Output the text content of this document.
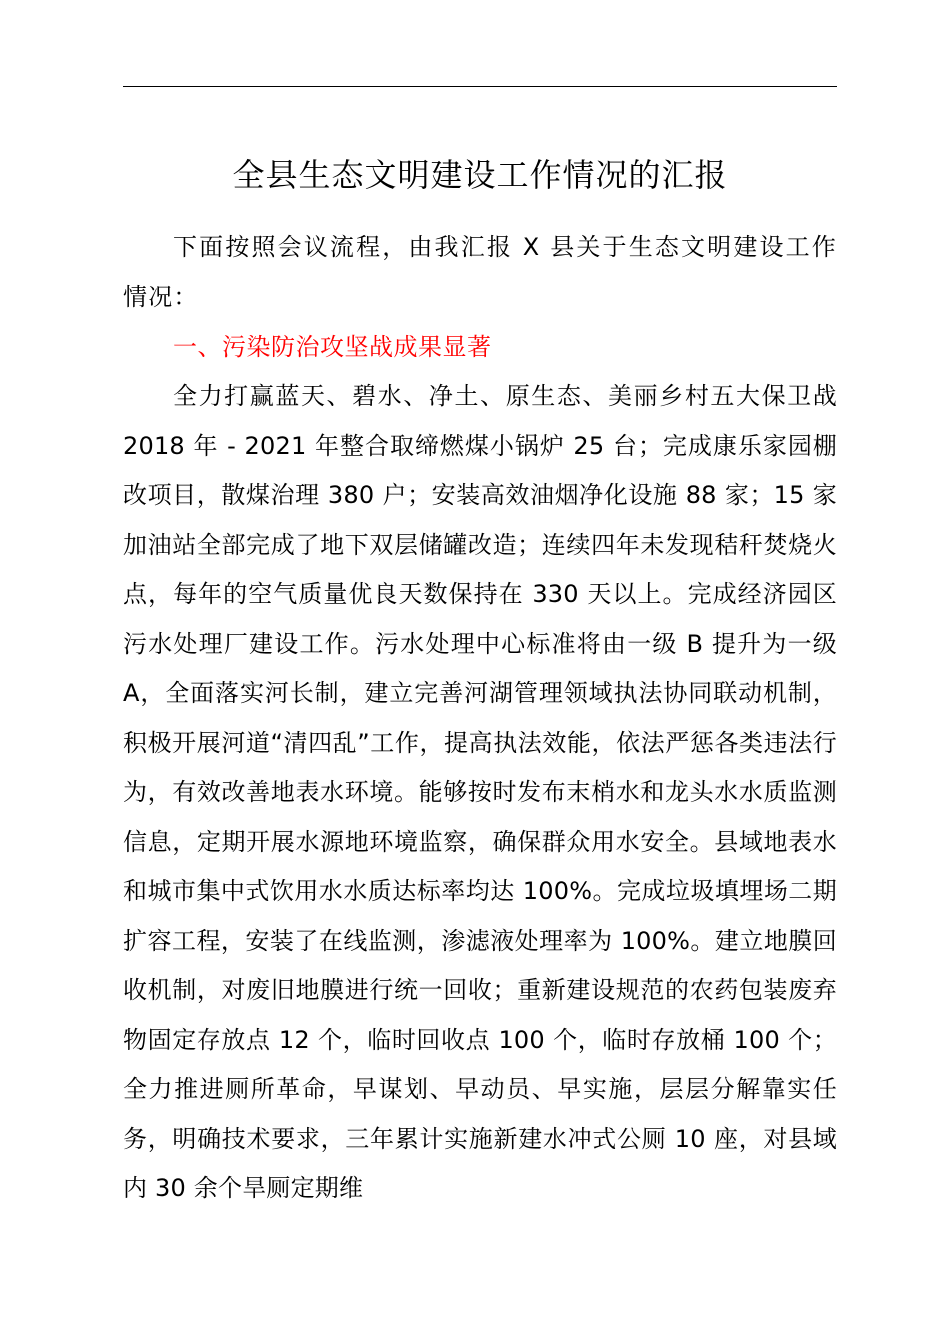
全县生态文明建设工作情况的汇报

下面按照会议流程，由我汇报 X 县关于生态文明建设工作情况：

一、污染防治攻坚战成果显著

全力打赢蓝天、碧水、净土、原生态、美丽乡村五大保卫战 2018 年 - 2021 年整合取缔燃煤小锅炉 25 台；完成康乐家园棚改项目，散煤治理 380 户；安装高效油烟净化设施 88 家；15 家加油站全部完成了地下双层储罐改造；连续四年未发现秸秆焚烧火点，每年的空气质量优良天数保持在 330 天以上。完成经济园区污水处理厂建设工作。污水处理中心标准将由一级 B 提升为一级 A，全面落实河长制，建立完善河湖管理领域执法协同联动机制，积极开展河道“清四乱”工作，提高执法效能，依法严惩各类违法行为，有效改善地表水环境。能够按时发布末梢水和龙头水水质监测信息，定期开展水源地环境监察，确保群众用水安全。县域地表水和城市集中式饮用水水质达标率均达 100%。完成垃圾填埋场二期扩容工程，安装了在线监测，渗滤液处理率为 100%。建立地膜回收机制，对废旧地膜进行统一回收；重新建设规范的农药包装废弃物固定存放点 12 个，临时回收点 100 个，临时存放桶 100 个；全力推进厕所革命，早谋划、早动员、早实施，层层分解靠实任务，明确技术要求，三年累计实施新建水冲式公厕 10 座，对县域内 30 余个旱厕定期维
